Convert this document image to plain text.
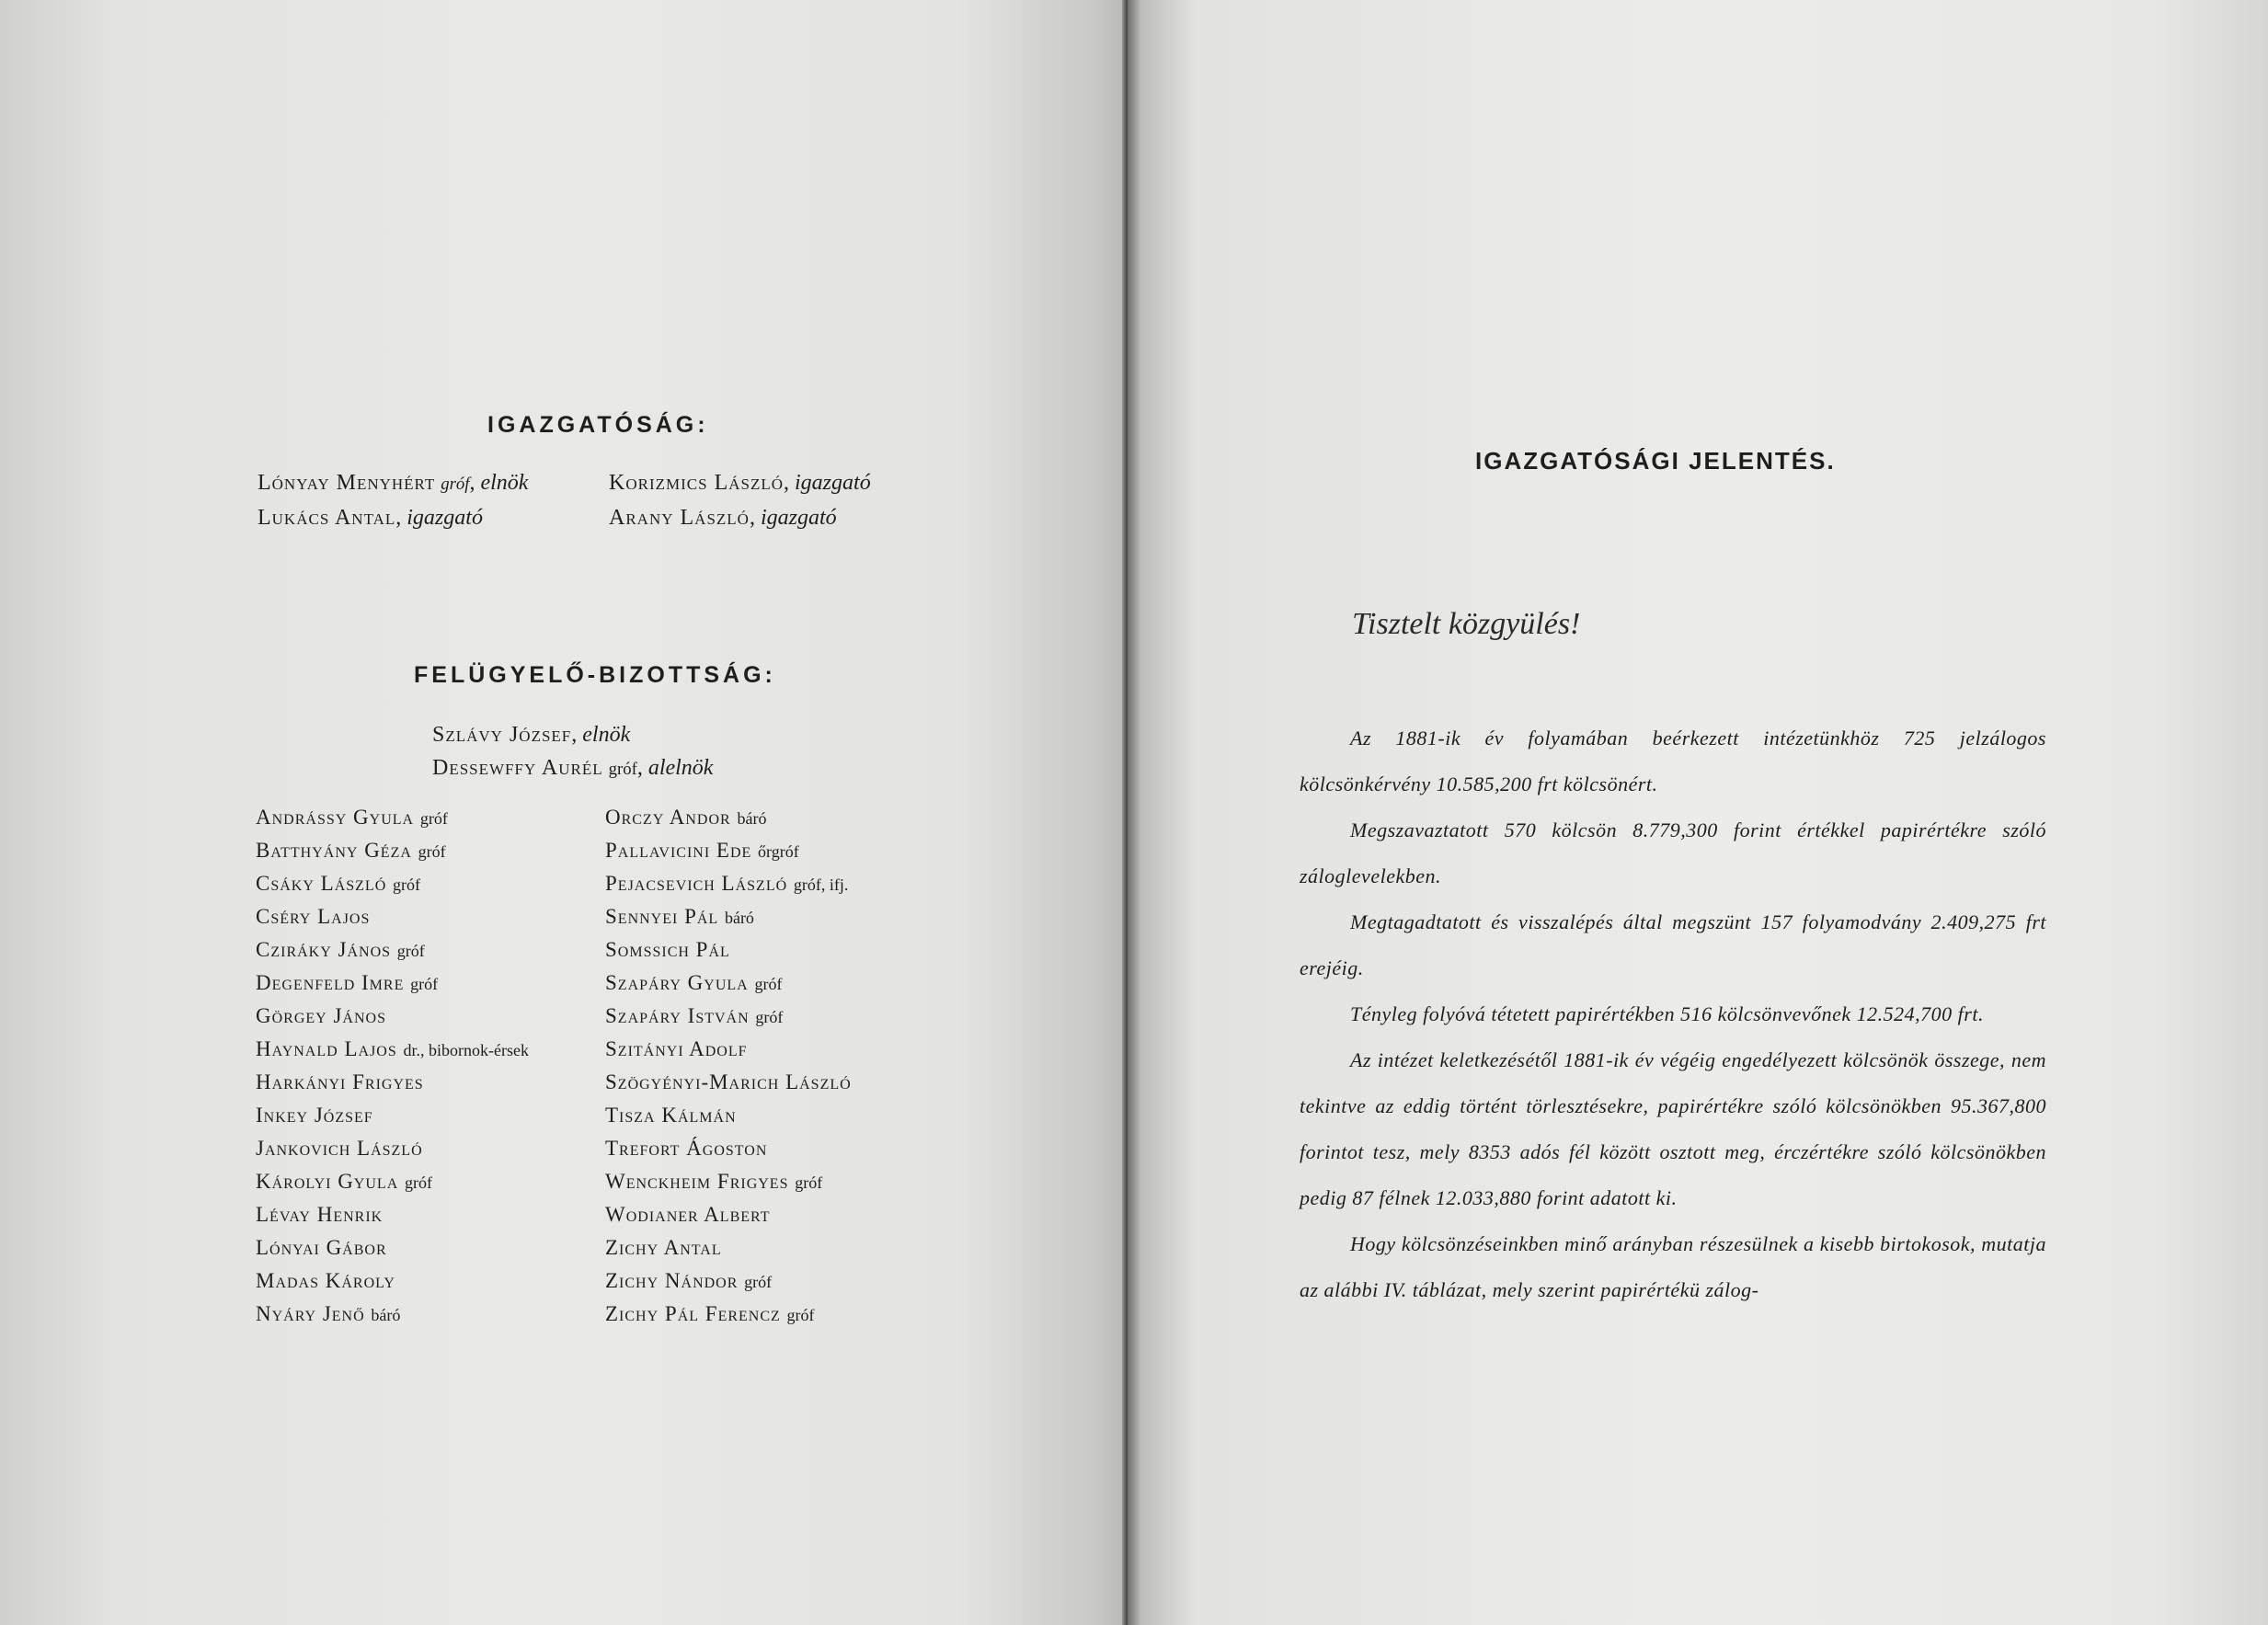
IGAZGATÓSÁG:
Lónyay Menyhért gróf, elnök	Korizmics László, igazgató
Lukács Antal, igazgató	Arany László, igazgató
FELÜGYELŐ-BIZOTTSÁG:
Szlávy József, elnök
Dessewffy Aurél gróf, alelnök
Andrássy Gyula gróf
Batthyány Géza gróf
Csáky László gróf
Cséry Lajos
Cziráky János gróf
Degenfeld Imre gróf
Görgey János
Haynald Lajos dr., bibornok-érsek
Harkányi Frigyes
Inkey József
Jankovich László
Károlyi Gyula gróf
Lévay Henrik
Lónyai Gábor
Madas Károly
Nyáry Jenő báró
Orczy Andor báró
Pallavicini Ede őrgróf
Pejacsevich László gróf, ifj.
Sennyei Pál báró
Somssich Pál
Szapáry Gyula gróf
Szapáry István gróf
Szitányi Adolf
Szögyényi-Marich László
Tisza Kálmán
Trefort Ágoston
Wenckheim Frigyes gróf
Wodianer Albert
Zichy Antal
Zichy Nándor gróf
Zichy Pál Ferencz gróf
IGAZGATÓSÁGI JELENTÉS.
Tisztelt közgyülés!

Az 1881-ik év folyamában beérkezett intézetünkhöz 725 jelzálogos kölcsönkérvény 10.585,200 frt kölcsönért.

Megszavaztatott 570 kölcsön 8.779,300 forint értékkel papirértékre szóló záloglevelekben.

Megtagadtatott és visszalépés által megszünt 157 folyamodvány 2.409,275 frt erejéig.

Tényleg folyóvá tétetett papirértékben 516 kölcsönvevőnek 12.524,700 frt.

Az intézet keletkezésétől 1881-ik év végéig engedélyezett kölcsönök összege, nem tekintve az eddig történt törlesztésekre, papirértékre szóló kölcsönökben 95.367,800 forintot tesz, mely 8353 adós fél között osztott meg, érczértékre szóló kölcsönökben pedig 87 félnek 12.033,880 forint adatott ki.

Hogy kölcsönzéseinkben minő arányban részesülnek a kisebb birtokosok, mutatja az alábbi IV. táblázat, mely szerint papirértékü zálog-
